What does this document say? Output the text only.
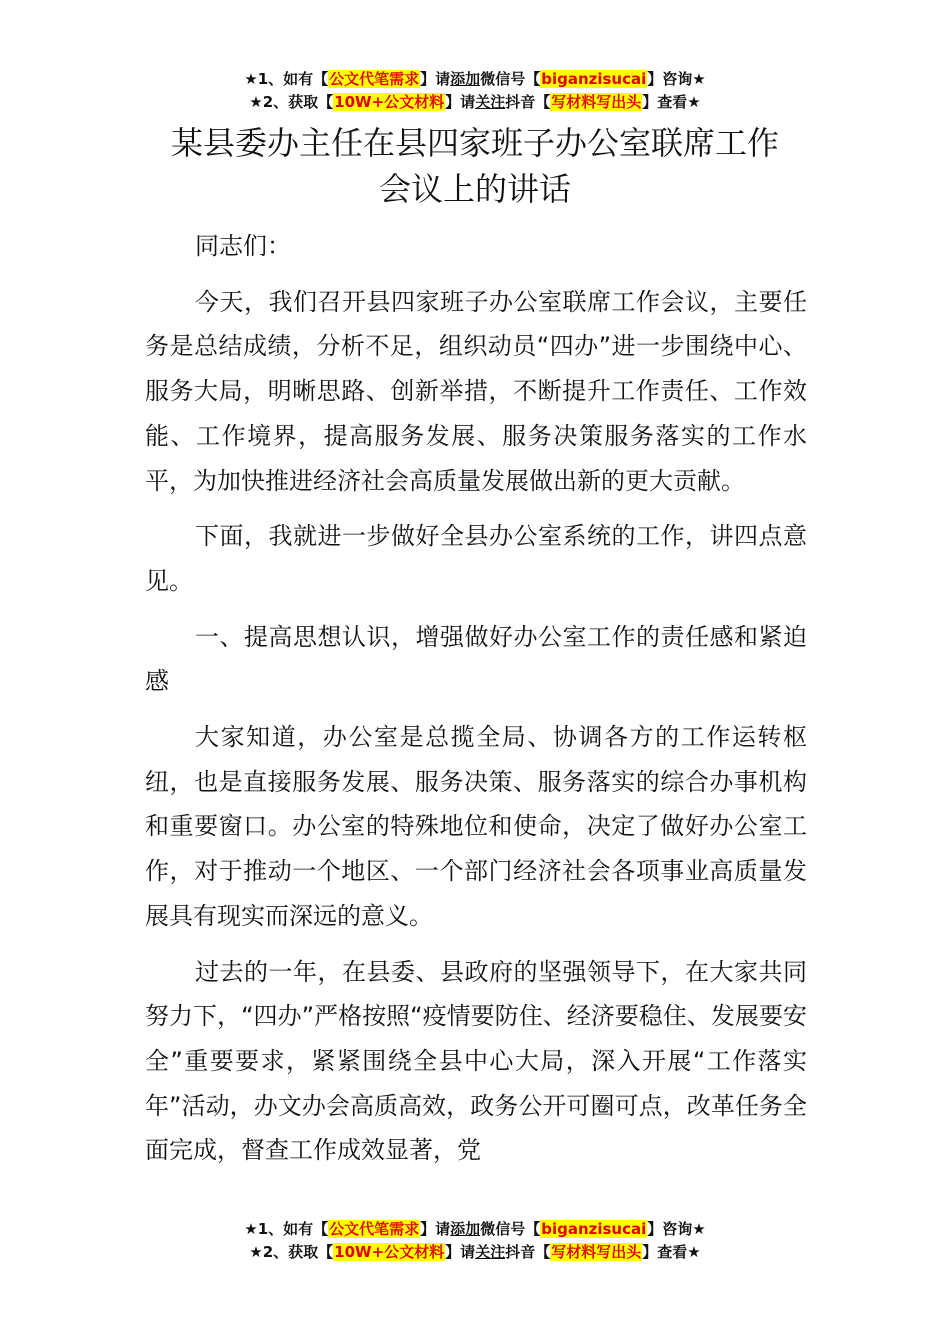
★1、如有【公文代笔需求】请添加微信号【biganzisucai】咨询★
★2、获取【10W+公文材料】请关注抖音【写材料写出头】查看★
某县委办主任在县四家班子办公室联席工作
会议上的讲话

同志们：

今天，我们召开县四家班子办公室联席工作会议，主要任务是总结成绩，分析不足，组织动员“四办”进一步围绕中心、服务大局，明晰思路、创新举措，不断提升工作责任、工作效能、工作境界，提高服务发展、服务决策服务落实的工作水平，为加快推进经济社会高质量发展做出新的更大贡献。

下面，我就进一步做好全县办公室系统的工作，讲四点意见。

一、提高思想认识，增强做好办公室工作的责任感和紧迫感

大家知道，办公室是总揽全局、协调各方的工作运转枢纽，也是直接服务发展、服务决策、服务落实的综合办事机构和重要窗口。办公室的特殊地位和使命，决定了做好办公室工作，对于推动一个地区、一个部门经济社会各项事业高质量发展具有现实而深远的意义。

过去的一年，在县委、县政府的坚强领导下，在大家共同努力下，“四办”严格按照“疫情要防住、经济要稳住、发展要安全”重要要求，紧紧围绕全县中心大局，深入开展“工作落实年”活动，办文办会高质高效，政务公开可圈可点，改革任务全面完成，督查工作成效显著，党

★1、如有【公文代笔需求】请添加微信号【biganzisucai】咨询★
★2、获取【10W+公文材料】请关注抖音【写材料写出头】查看★
